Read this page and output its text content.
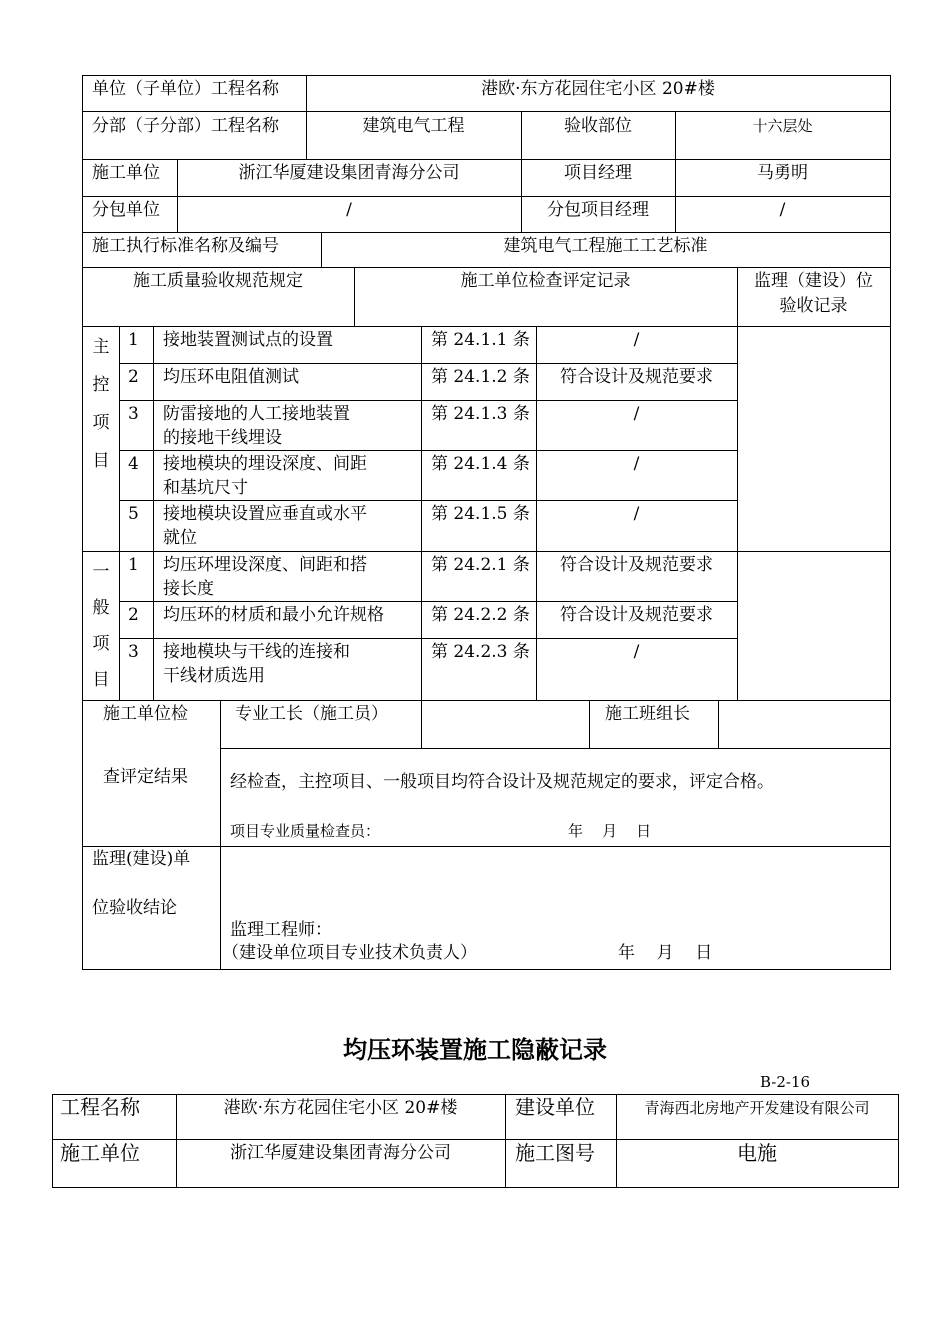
单位（子单位）工程名称	港欧·东方花园住宅小区 20#楼
分部（子分部）工程名称	建筑电气工程	验收部位	十六层处
施工单位	浙江华厦建设集团青海分公司	项目经理	马勇明
分包单位	/	分包项目经理	/
施工执行标准名称及编号	建筑电气工程施工工艺标准
施工质量验收规范规定	施工单位检查评定记录	监理（建设）位
验收记录
主
控
项
目
1 接地装置测试点的设置	第 24.1.1 条	/
2 均压环电阻值测试	第 24.1.2 条	符合设计及规范要求
3 防雷接地的人工接地装置
的接地干线埋设
第 24.1.3 条	/
4 接地模块的埋设深度、间距
和基坑尺寸
第 24.1.4 条	/
5 接地模块设置应垂直或水平
就位
第 24.1.5 条	/
一
般
项
目
1 均压环埋设深度、间距和搭
接长度
第 24.2.1 条	符合设计及规范要求
2 均压环的材质和最小允许规格	第 24.2.2 条	符合设计及规范要求
3 接地模块与干线的连接和
干线材质选用
第 24.2.3 条	/
施工单位检
查评定结果
专业工长（施工员）	施工班组长
经检查，主控项目、一般项目均符合设计及规范规定的要求，评定合格。
项目专业质量检查员：	年    月    日
监理(建设)单
位验收结论
监理工程师：
（建设单位项目专业技术负责人）	年    月    日
均压环装置施工隐蔽记录
B-2-16
工程名称	港欧·东方花园住宅小区 20#楼	建设单位	青海西北房地产开发建设有限公司
施工单位	浙江华厦建设集团青海分公司	施工图号	电施
